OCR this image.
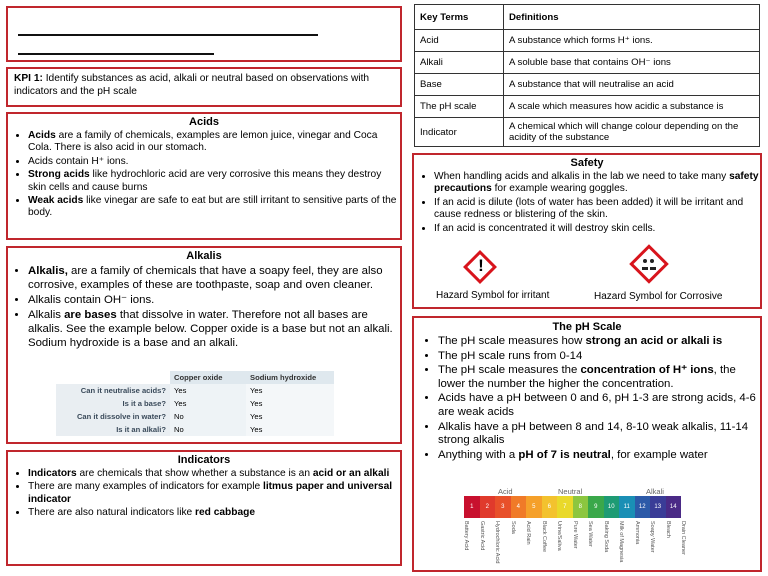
KPI 1: Identify substances as acid, alkali or neutral based on observations with indicators and the pH scale
Acids
• Acids are a family of chemicals, examples are lemon juice, vinegar and Coca Cola. There is also acid in our stomach.
• Acids contain H⁺ ions.
• Strong acids like hydrochloric acid are very corrosive this means they destroy skin cells and cause burns
• Weak acids like vinegar are safe to eat but are still irritant to sensitive parts of the body.
Alkalis
• Alkalis, are a family of chemicals that have a soapy feel, they are also corrosive, examples of these are toothpaste, soap and oven cleaner.
• Alkalis contain OH⁻ ions.
• Alkalis are bases that dissolve in water. Therefore not all bases are alkalis. See the example below. Copper oxide is a base but not an alkali. Sodium hydroxide is a base and an alkali.
	Copper oxide	Sodium hydroxide
Can it neutralise acids?	Yes	Yes
Is it a base?	Yes	Yes
Can it dissolve in water?	No	Yes
Is it an alkali?	No	Yes
Indicators
• Indicators are chemicals that show whether a substance is an acid or an alkali
• There are many examples of indicators for example litmus paper and universal indicator
• There are also natural indicators like red cabbage
Key Terms	Definitions
Acid	A substance which forms H⁺ ions.
Alkali	A soluble base that contains OH⁻ ions
Base	A substance that will neutralise an acid
The pH scale	A scale which measures how acidic a substance is
Indicator	A chemical which will change colour depending on the acidity of the substance
Safety
• When handling acids and alkalis in the lab we need to take many safety precautions for example wearing goggles.
• If an acid is dilute (lots of water has been added) it will be irritant and cause redness or blistering of the skin.
• If an acid is concentrated it will destroy skin cells.
!
Hazard Symbol for irritant	Hazard Symbol for Corrosive
The pH Scale
• The pH scale measures how strong an acid or alkali is
• The pH scale runs from 0-14
• The pH scale measures the concentration of H⁺ ions, the lower the number the higher the concentration.
• Acids have a pH between 0 and 6, pH 1-3 are strong acids, 4-6 are weak acids
• Alkalis have a pH between 8 and 14, 8-10 weak alkalis, 11-14 strong alkalis
• Anything with a pH of 7 is neutral, for example water
Acid	Neutral	Alkali
1	2	3	4	5	6	7	8	9	10	11	12	13	14
Battery Acid Gastric Acid Hydrochloric Acid Soda Acid Rain Black Coffee Urine/Saliva Pure Water Sea Water Baking Soda Milk of Magnesia Ammonia Soapy Water Bleach Drain Cleaner
